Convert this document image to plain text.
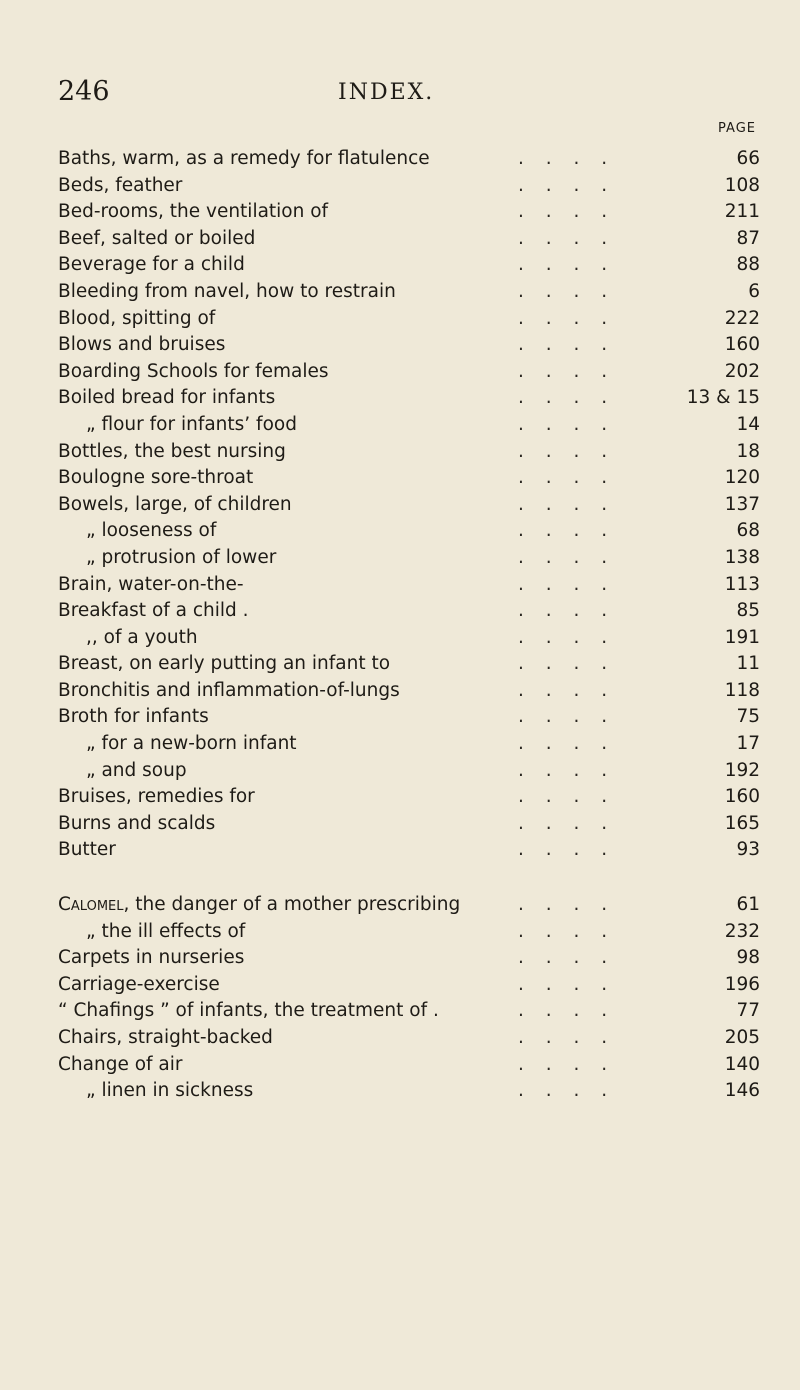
246	INDEX.
PAGE
Baths, warm, as a remedy for flatulence	. . . .	66
Beds, feather	. . . .	108
Bed-rooms, the ventilation of	. . . .	211
Beef, salted or boiled	. . . .	87
Beverage for a child	. . . .	88
Bleeding from navel, how to restrain	. . . .	6
Blood, spitting of	. . . .	222
Blows and bruises	. . . .	160
Boarding Schools for females	. . . .	202
Boiled bread for infants	. . . .	13 & 15
„ flour for infants’ food	. . . .	14
Bottles, the best nursing	. . . .	18
Boulogne sore-throat	. . . .	120
Bowels, large, of children	. . . .	137
„ looseness of	. . . .	68
„ protrusion of lower	. . . .	138
Brain, water-on-the-	. . . .	113
Breakfast of a child .	. . . .	85
,, of a youth	. . . .	191
Breast, on early putting an infant to	. . . .	11
Bronchitis and inflammation-of-lungs	. . . .	118
Broth for infants	. . . .	75
„ for a new-born infant	. . . .	17
„ and soup	. . . .	192
Bruises, remedies for	. . . .	160
Burns and scalds	. . . .	165
Butter	. . . .	93
Calomel, the danger of a mother prescribing	. . . .	61
„ the ill effects of	. . . .	232
Carpets in nurseries	. . . .	98
Carriage-exercise	. . . .	196
“ Chafings ” of infants, the treatment of .	. . . .	77
Chairs, straight-backed	. . . .	205
Change of air	. . . .	140
„ linen in sickness	. . . .	146
